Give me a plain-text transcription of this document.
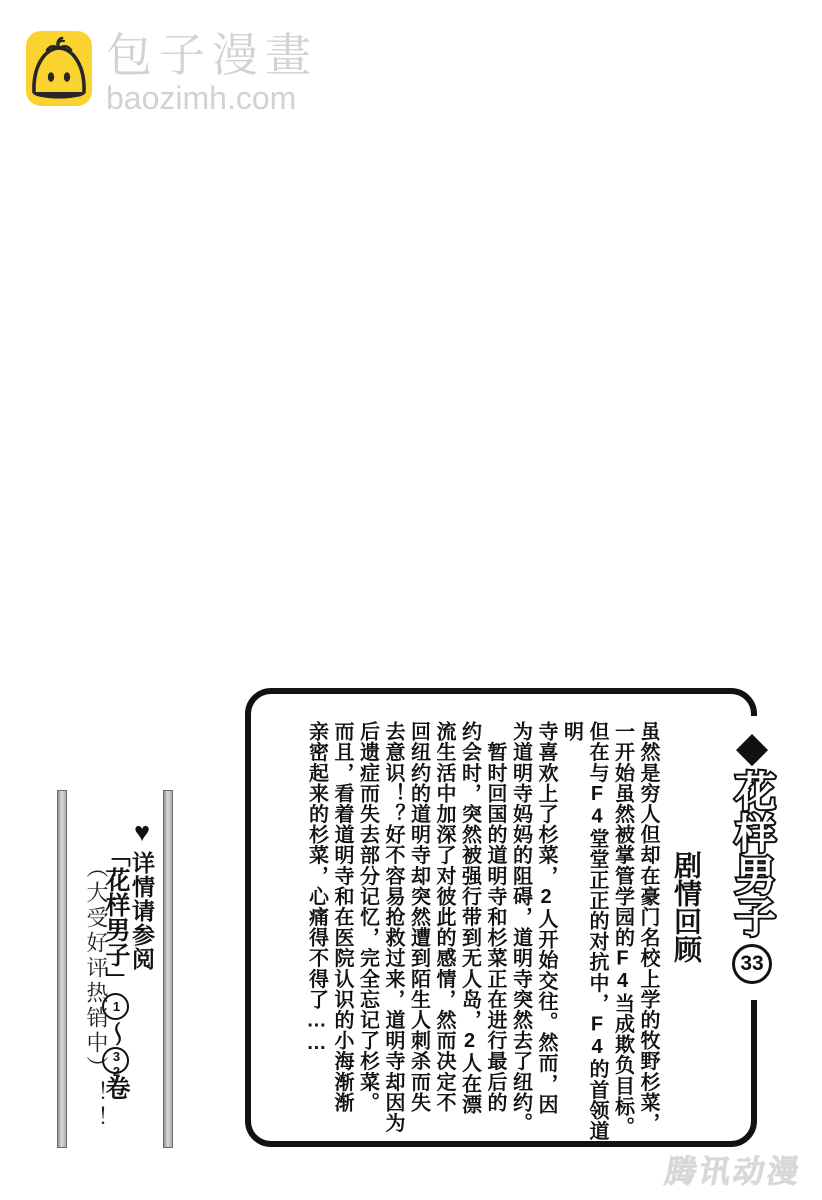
包子漫畫
baozimh.com
♥详情请参阅
「花样男子」1〜32卷
（大受好评热销中）！！
◆
花样男子
33
剧情回顾
虽然是穷人但却在豪门名校上学的牧野杉菜，
一开始虽然被掌管学园的F4当成欺负目标。
但在与F4堂堂正正的对抗中，F4的首领道明
寺喜欢上了杉菜，2人开始交往。然而，因
为道明寺妈妈的阻碍，道明寺突然去了纽约。
　暂时回国的道明寺和杉菜正在进行最后的
约会时，突然被强行带到无人岛，2人在漂
流生活中加深了对彼此的感情，然而决定不
回纽约的道明寺却突然遭到陌生人刺杀而失
去意识！？好不容易抢救过来，道明寺却因为
后遗症而失去部分记忆，完全忘记了杉菜。
而且，看着道明寺和在医院认识的小海渐渐
亲密起来的杉菜，心痛得不得了……
腾讯动漫
